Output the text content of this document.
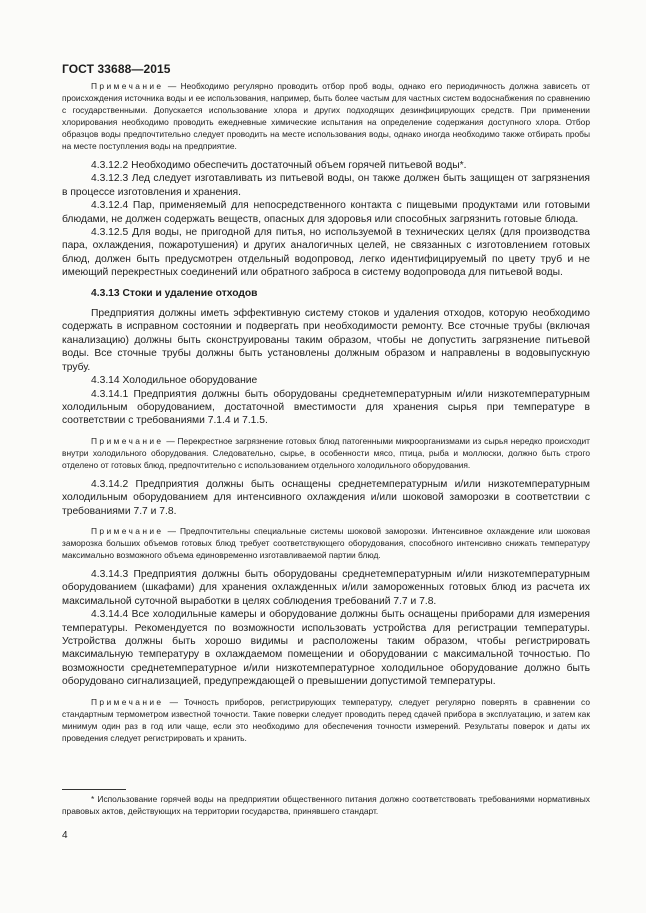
ГОСТ 33688—2015

Примечание — Необходимо регулярно проводить отбор проб воды, однако его периодичность должна зависеть от происхождения источника воды и ее использования, например, быть более частым для частных систем водоснабжения по сравнению с государственными. Допускается использование хлора и других подходящих дезинфицирующих средств. При применении хлорирования необходимо проводить ежедневные химические испытания на определение содержания доступного хлора. Отбор образцов воды предпочтительно следует проводить на месте использования воды, однако иногда необходимо также отбирать пробы на месте поступления воды на предприятие.

4.3.12.2 Необходимо обеспечить достаточный объем горячей питьевой воды*.

4.3.12.3 Лед следует изготавливать из питьевой воды, он также должен быть защищен от загрязнения в процессе изготовления и хранения.

4.3.12.4 Пар, применяемый для непосредственного контакта с пищевыми продуктами или готовыми блюдами, не должен содержать веществ, опасных для здоровья или способных загрязнить готовые блюда.

4.3.12.5 Для воды, не пригодной для питья, но используемой в технических целях (для производства пара, охлаждения, пожаротушения) и других аналогичных целей, не связанных с изготовлением готовых блюд, должен быть предусмотрен отдельный водопровод, легко идентифицируемый по цвету труб и не имеющий перекрестных соединений или обратного заброса в систему водопровода для питьевой воды.

4.3.13 Стоки и удаление отходов

Предприятия должны иметь эффективную систему стоков и удаления отходов, которую необходимо содержать в исправном состоянии и подвергать при необходимости ремонту. Все сточные трубы (включая канализацию) должны быть сконструированы таким образом, чтобы не допустить загрязнение питьевой воды. Все сточные трубы должны быть установлены должным образом и направлены в водовыпускную трубу.

4.3.14 Холодильное оборудование

4.3.14.1 Предприятия должны быть оборудованы среднетемпературным и/или низкотемпературным холодильным оборудованием, достаточной вместимости для хранения сырья при температуре в соответствии с требованиями 7.1.4 и 7.1.5.

Примечание — Перекрестное загрязнение готовых блюд патогенными микроорганизмами из сырья нередко происходит внутри холодильного оборудования. Следовательно, сырье, в особенности мясо, птица, рыба и моллюски, должно быть строго отделено от готовых блюд, предпочтительно с использованием отдельного холодильного оборудования.

4.3.14.2 Предприятия должны быть оснащены среднетемпературным и/или низкотемпературным холодильным оборудованием для интенсивного охлаждения и/или шоковой заморозки в соответствии с требованиями 7.7 и 7.8.

Примечание — Предпочтительны специальные системы шоковой заморозки. Интенсивное охлаждение или шоковая заморозка больших объемов готовых блюд требует соответствующего оборудования, способного интенсивно снижать температуру максимально возможного объема единовременно изготавливаемой партии блюд.

4.3.14.3 Предприятия должны быть оборудованы среднетемпературным и/или низкотемпературным оборудованием (шкафами) для хранения охлажденных и/или замороженных готовых блюд из расчета их максимальной суточной выработки в целях соблюдения требований 7.7 и 7.8.

4.3.14.4 Все холодильные камеры и оборудование должны быть оснащены приборами для измерения температуры. Рекомендуется по возможности использовать устройства для регистрации температуры. Устройства должны быть хорошо видимы и расположены таким образом, чтобы регистрировать максимальную температуру в охлаждаемом помещении и оборудовании с максимальной точностью. По возможности среднетемпературное и/или низкотемпературное холодильное оборудование должно быть оборудовано сигнализацией, предупреждающей о превышении допустимой температуры.

Примечание — Точность приборов, регистрирующих температуру, следует регулярно поверять в сравнении со стандартным термометром известной точности. Такие поверки следует проводить перед сдачей прибора в эксплуатацию, и затем как минимум один раз в год или чаще, если это необходимо для обеспечения точности измерений. Результаты поверок и даты их проведения следует регистрировать и хранить.

* Использование горячей воды на предприятии общественного питания должно соответствовать требованиями нормативных правовых актов, действующих на территории государства, принявшего стандарт.

4
